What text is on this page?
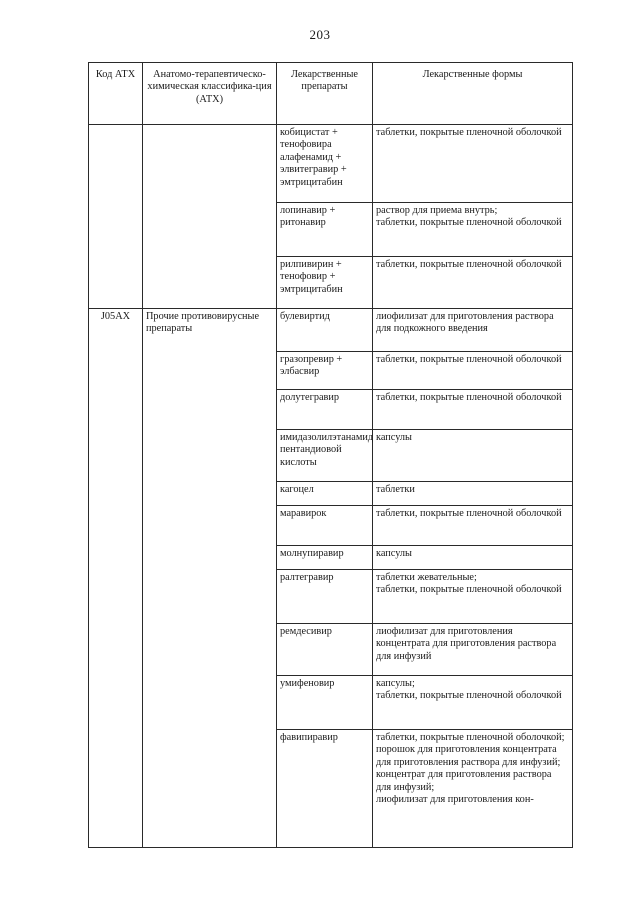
203
Код АТХ	Анатомо-терапевтическо-химическая классифика-ция (АТХ)	Лекарственные препараты	Лекарственные формы
		кобицистат + тенофовира алафенамид + элвитегравир + эмтрицитабин	таблетки, покрытые пленочной оболочкой
		лопинавир + ритонавир	раствор для приема внутрь;
таблетки, покрытые пленочной оболочкой
		рилпивирин + тенофовир + эмтрицитабин	таблетки, покрытые пленочной оболочкой
J05AX	Прочие противовирусные препараты	булевиртид	лиофилизат для приготовления раствора для подкожного введения
		гразопревир + элбасвир	таблетки, покрытые пленочной оболочкой
		долутегравир	таблетки, покрытые пленочной оболочкой
		имидазолилэтанамид пентандиовой кислоты	капсулы
		кагоцел	таблетки
		маравирок	таблетки, покрытые пленочной оболочкой
		молнупиравир	капсулы
		ралтегравир	таблетки жевательные;
таблетки, покрытые пленочной оболочкой
		ремдесивир	лиофилизат для приготовления концентрата для приготовления раствора для инфузий
		умифеновир	капсулы;
таблетки, покрытые пленочной оболочкой
		фавипиравир	таблетки, покрытые пленочной оболочкой;
порошок для приготовления концентрата для приготовления раствора для инфузий;
концентрат для приготовления раствора для инфузий;
лиофилизат для приготовления кон-
